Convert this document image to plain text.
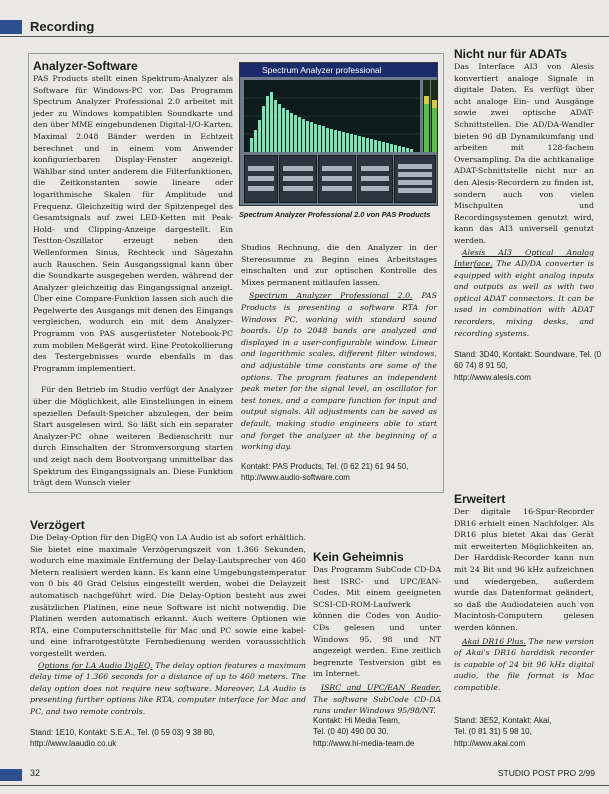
Recording
Analyzer-Software

PAS Products stellt einen Spektrum-Analyzer als Software für Windows-PC vor. Das Programm Spectrum Analyzer Professional 2.0 arbeitet mit jeder zu Windows kompatiblen Soundkarte und den über MME eingebundenen Digital-I/O-Karten. Maximal 2.048 Bänder werden in Echtzeit berechnet und in einem vom Anwender konfigurierbaren Display-Fenster angezeigt. Wählbar sind unter anderem die Filterfunktionen, die Zeitkonstanten sowie lineare oder logarithmische Skalen für Amplitude und Frequenz. Gleichzeitig wird der Spitzenpegel des Gesamtsignals auf zwei LED-Ketten mit Peak-Hold- und Clipping-Anzeige dargestellt. Ein Testton-Oszillator erzeugt neben den Wellenformen Sinus, Rechteck und Sägezahn auch Rauschen. Sein Ausgangssignal kann über die Soundkarte ausgegeben werden, während der Analyzer gleichzeitig das Eingangssignal anzeigt. Über eine Compare-Funktion lassen sich auch die Pegelwerte des Ausgangs mit denen des Eingangs vergleichen, wodurch ein mit dem Analyzer-Programm von PAS ausgerüsteter Notebook-PC zum mobilen Meßgerät wird. Eine Protokollierung des Testergebnisses wurde ebenfalls in das Programm implementiert.

Für den Betrieb im Studio verfügt der Analyzer über die Möglichkeit, alle Einstellungen in einem speziellen Default-Speicher abzulegen, der beim Start ausgelesen wird. So läßt sich ein separater Analyzer-PC ohne weiteren Bedienschritt nur durch Einschalten der Stromversorgung starten und zeigt nach dem Bootvorgang unmittelbar das Spektrum des Eingangssignals an. Diese Funktion trägt dem Wunsch vieler

Spectrum Analyzer professional
Spectrum Analyzer Professional 2.0 von PAS Products

Studios Rechnung, die den Analyzer in der Stereosumme zu Beginn eines Arbeitstages einschalten und zur optischen Kontrolle des Mixes permanent mitlaufen lassen.

Spectrum Analyzer Professional 2.0. PAS Products is presenting a software RTA for Windows PC, working with standard sound boards. Up to 2048 bands are analyzed and displayed in a user-configurable window. Linear and logarithmic scales, different filter windows, and adjustable time constants are some of the options. The program features an independent peak meter for the signal level, an oscillator for test tones, and a compare function for input and output signals. All adjustments can be saved as default, making studio engineers able to start and forget the analyzer at the beginning of a working day.

Kontakt: PAS Products, Tel. (0 62 21) 61 94 50,
http://www.audio-software.com
Nicht nur für ADATs

Das Interface AI3 von Alesis konvertiert analoge Signale in digitale Daten. Es verfügt über acht analoge Ein- und Ausgänge sowie zwei optische ADAT-Schnittstellen. Die AD/DA-Wandler bieten 96 dB Dynamikumfang und arbeiten mit 128-fachem Oversampling. Da die achtkanalige ADAT-Schnittstelle nicht nur an den Alesis-Recordern zu finden ist, sondern auch von vielen Mischpulten und Recordingsystemen genutzt wird, kann das AI3 universell genutzt werden.

Alesis AI3 Optical Analog Interface. The AD/DA converter is equipped with eight analog inputs and outputs as well as with two optical ADAT connectors. It can be used in combination with ADAT recorders, mixing desks, and recording systems.

Stand: 3D40, Kontakt: Soundware, Tel. (0 60 74) 8 91 50,
http://www.alesis.com
Verzögert

Die Delay-Option für den DigEQ von LA Audio ist ab sofort erhältlich. Sie bietet eine maximale Verzögerungszeit von 1.366 Sekunden, wodurch eine maximale Entfernung der Delay-Lautsprecher von 460 Metern realisiert werden kann. Es kann eine Umgebungstemperatur von 0 bis 40 Grad Celsius eingestellt werden, wobei die Delayzeit automatisch nachgeführt wird. Die Delay-Option besteht aus zwei zusätzlichen Platinen, eine neue Software ist nicht notwendig. Die Platinen werden automatisch erkannt. Auch weitere Optionen wie RTA, eine Computerschnittstelle für Mac und PC sowie eine kabel- und eine infrarotgestützte Fernbedienung werden voraussichtlich vorgestellt werden.

Options for LA Audio DigEQ. The delay option features a maximum delay time of 1.366 seconds for a distance of up to 460 meters. The delay option does not require new software. Moreover, LA Audio is presenting further options like RTA, computer interface for Mac and PC, and two remote controls.

Stand: 1E10, Kontakt: S.E.A., Tel. (0 59 03) 9 38 80,
http://www.laaudio.co.uk
Kein Geheimnis

Das Programm SubCode CD-DA liest ISRC- und UPC/EAN-Codes. Mit einem geeigneten SCSI-CD-ROM-Laufwerk können die Codes von Audio-CDs gelesen und unter Windows 95, 98 und NT angezeigt werden. Eine zeitlich begrenzte Testversion gibt es im Internet.

ISRC and UPC/EAN Reader. The software SubCode CD-DA runs under Windows 95/98/NT.

Kontakt: Hi Media Team,
Tel. (0 40) 490 00 30,
http://www.hi-media-team.de
Erweitert

Der digitale 16-Spur-Recorder DR16 erhielt einen Nachfolger. Als DR16 plus bietet Akai das Gerät mit erweiterten Möglichkeiten an. Der Harddisk-Recorder kann nun mit 24 Bit und 96 kHz aufzeichnen und wiedergeben, außerdem wurde das Datenformat geändert, so daß die Audiodateien auch von Macintosh-Computern gelesen werden können.

Akai DR16 Plus. The new version of Akai's DR16 harddisk recorder is capable of 24 bit 96 kHz digital audio, the file format is Mac compatible.

Stand: 3E52, Kontakt: Akai,
Tel. (0 81 31) 5 98 10,
http://www.akai.com
32	STUDIO POST PRO 2/99
